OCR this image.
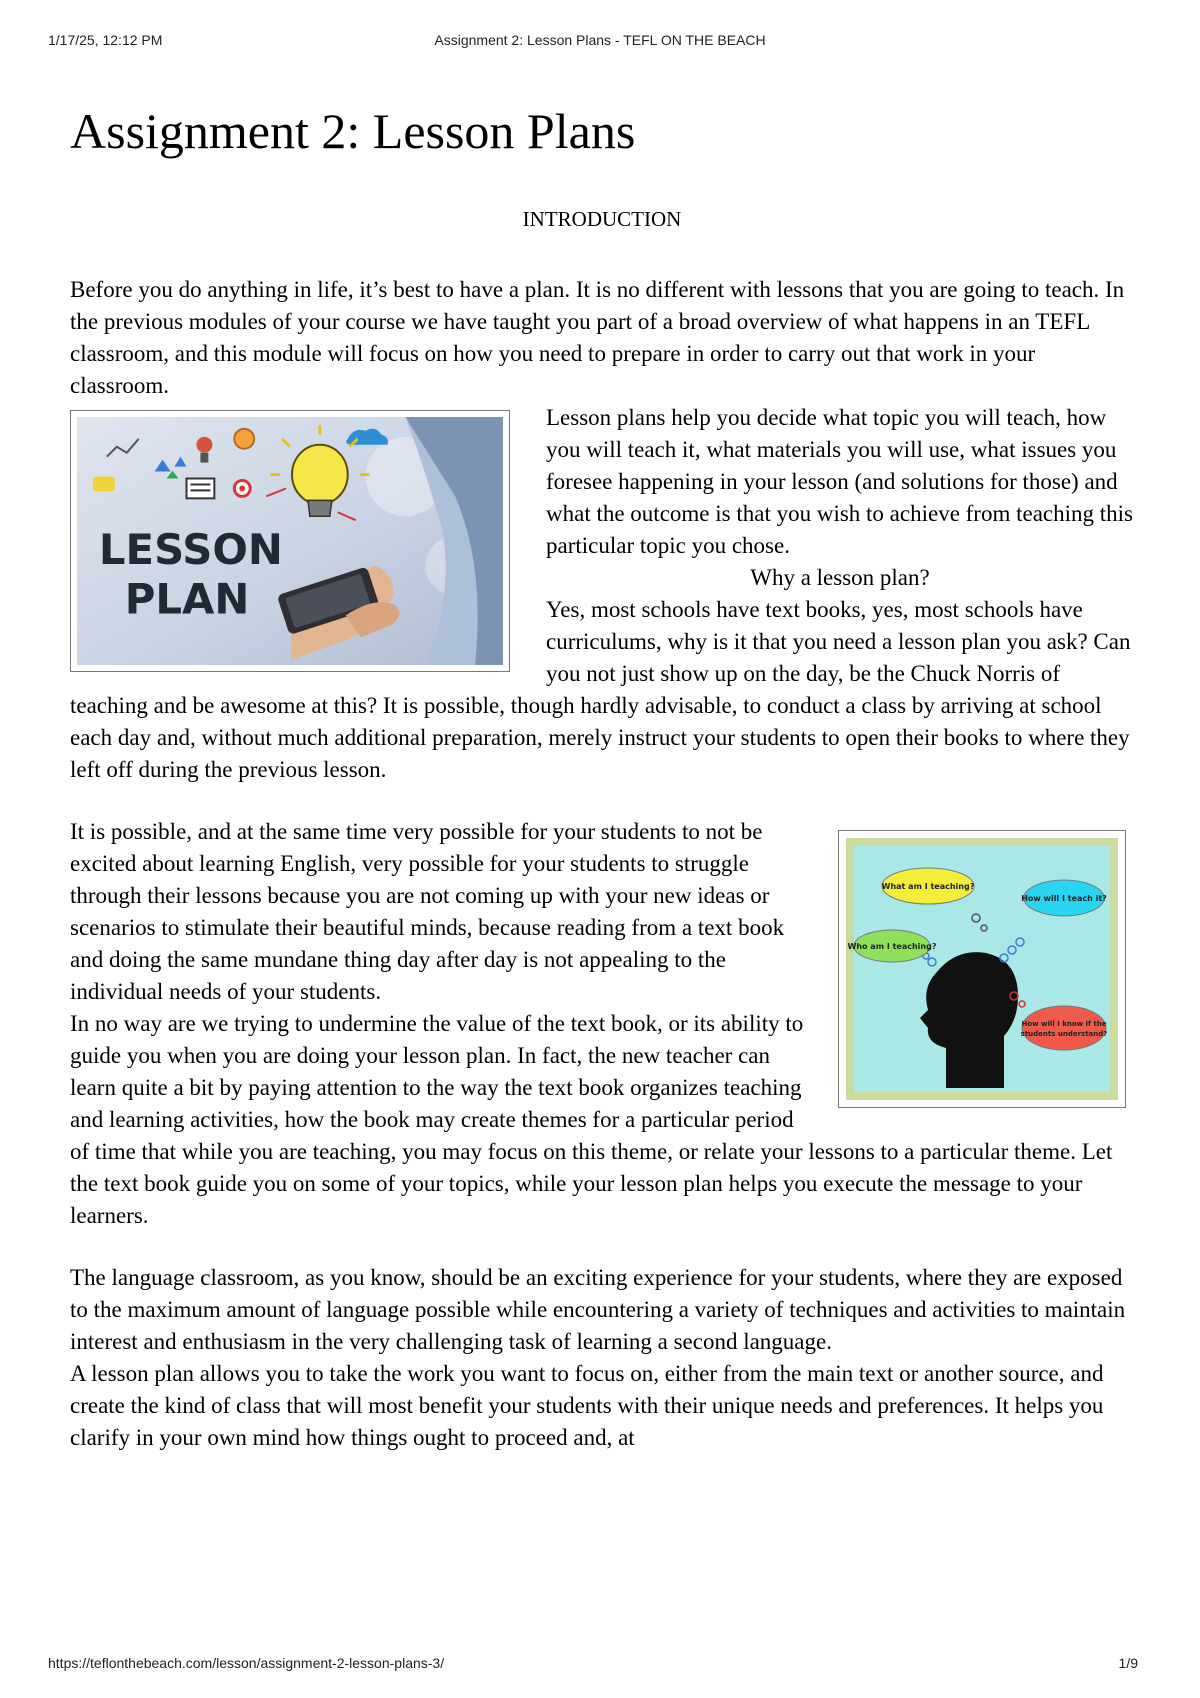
1/17/25, 12:12 PM	Assignment 2: Lesson Plans - TEFL ON THE BEACH
Assignment 2: Lesson Plans
INTRODUCTION

Before you do anything in life, it’s best to have a plan. It is no different with lessons that you are going to teach. In the previous modules of your course we have taught you part of a broad overview of what happens in an TEFL classroom, and this module will focus on how you need to prepare in order to carry out that work in your classroom.

LESSON
PLAN

Lesson plans help you decide what topic you will teach, how you will teach it, what materials you will use, what issues you foresee happening in your lesson (and solutions for those) and what the outcome is that you wish to achieve from teaching this particular topic you chose.

Why a lesson plan?

Yes, most schools have text books, yes, most schools have curriculums, why is it that you need a lesson plan you ask? Can you not just show up on the day, be the Chuck Norris of teaching and be awesome at this? It is possible, though hardly advisable, to conduct a class by arriving at school each day and, without much additional preparation, merely instruct your students to open their books to where they left off during the previous lesson.

What am I teaching?
How will I teach it?
Who am I teaching?
How will I know if the
students understand?

It is possible, and at the same time very possible for your students to not be excited about learning English, very possible for your students to struggle through their lessons because you are not coming up with your new ideas or scenarios to stimulate their beautiful minds, because reading from a text book and doing the same mundane thing day after day is not appealing to the individual needs of your students.

In no way are we trying to undermine the value of the text book, or its ability to guide you when you are doing your lesson plan. In fact, the new teacher can learn quite a bit by paying attention to the way the text book organizes teaching and learning activities, how the book may create themes for a particular period of time that while you are teaching, you may focus on this theme, or relate your lessons to a particular theme. Let the text book guide you on some of your topics, while your lesson plan helps you execute the message to your learners.

The language classroom, as you know, should be an exciting experience for your students, where they are exposed to the maximum amount of language possible while encountering a variety of techniques and activities to maintain interest and enthusiasm in the very challenging task of learning a second language.

A lesson plan allows you to take the work you want to focus on, either from the main text or another source, and create the kind of class that will most benefit your students with their unique needs and preferences. It helps you clarify in your own mind how things ought to proceed and, at

https://teflonthebeach.com/lesson/assignment-2-lesson-plans-3/	1/9
